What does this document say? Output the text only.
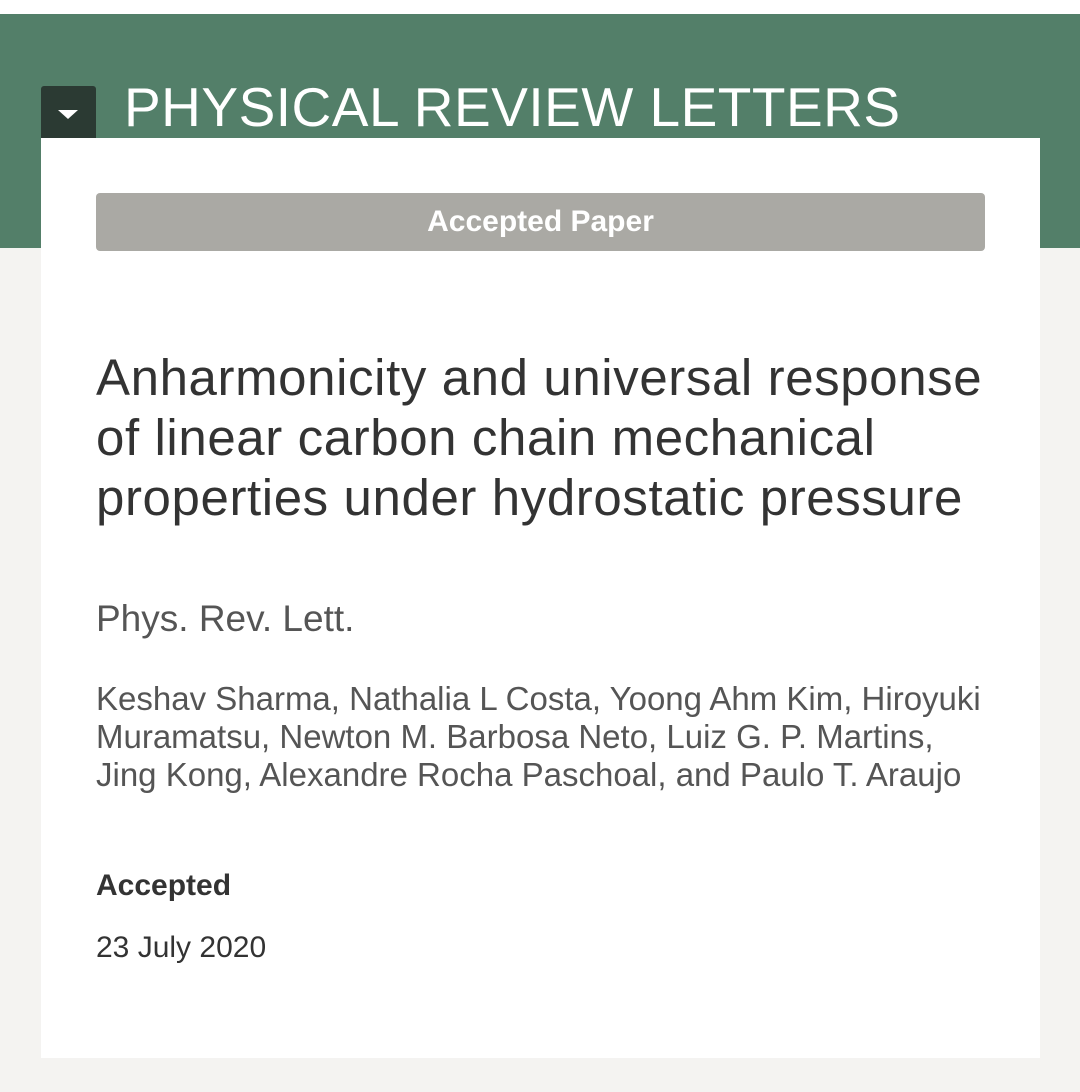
PHYSICAL REVIEW LETTERS
Accepted Paper
Anharmonicity and universal response of linear carbon chain mechanical properties under hydrostatic pressure

Phys. Rev. Lett.

Keshav Sharma, Nathalia L Costa, Yoong Ahm Kim, Hiroyuki Muramatsu, Newton M. Barbosa Neto, Luiz G. P. Martins, Jing Kong, Alexandre Rocha Paschoal, and Paulo T. Araujo

Accepted

23 July 2020
